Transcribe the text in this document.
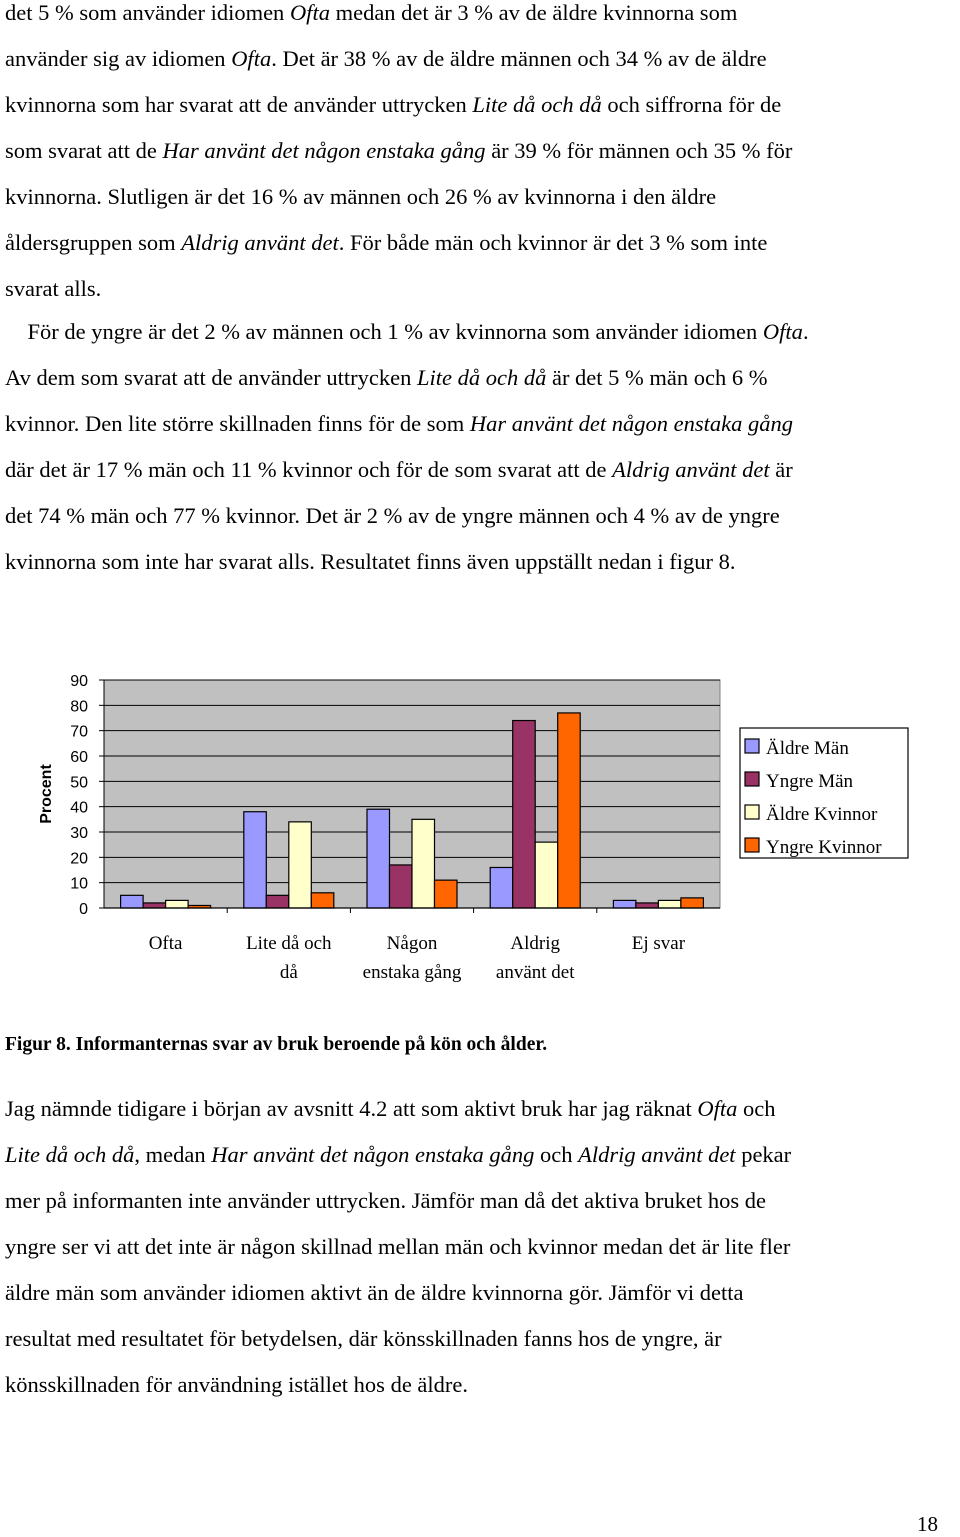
det 5 % som använder idiomen Ofta medan det är 3 % av de äldre kvinnorna som
använder sig av idiomen Ofta. Det är 38 % av de äldre männen och 34 % av de äldre
kvinnorna som har svarat att de använder uttrycken Lite då och då och siffrorna för de
som svarat att de Har använt det någon enstaka gång är 39 % för männen och 35 % för
kvinnorna. Slutligen är det 16 % av männen och 26 % av kvinnorna i den äldre
åldersgruppen som Aldrig använt det. För både män och kvinnor är det 3 % som inte
svarat alls.
För de yngre är det 2 % av männen och 1 % av kvinnorna som använder idiomen Ofta.
Av dem som svarat att de använder uttrycken Lite då och då är det 5 % män och 6 %
kvinnor. Den lite större skillnaden finns för de som Har använt det någon enstaka gång
där det är 17 % män och 11 % kvinnor och för de som svarat att de Aldrig använt det är
det 74 % män och 77 % kvinnor. Det är 2 % av de yngre männen och 4 % av de yngre
kvinnorna som inte har svarat alls. Resultatet finns även uppställt nedan i figur 8.
0
10
20
30
40
50
60
70
80
90
Procent
Ofta	Lite då och
då
Någon
enstaka gång
Aldrig
använt det
Ej svar
Äldre Män
Yngre Män
Äldre Kvinnor
Yngre Kvinnor
Figur 8. Informanternas svar av bruk beroende på kön och ålder.
Jag nämnde tidigare i början av avsnitt 4.2 att som aktivt bruk har jag räknat Ofta och
Lite då och då, medan Har använt det någon enstaka gång och Aldrig använt det pekar
mer på informanten inte använder uttrycken. Jämför man då det aktiva bruket hos de
yngre ser vi att det inte är någon skillnad mellan män och kvinnor medan det är lite fler
äldre män som använder idiomen aktivt än de äldre kvinnorna gör. Jämför vi detta
resultat med resultatet för betydelsen, där könsskillnaden fanns hos de yngre, är
könsskillnaden för användning istället hos de äldre.
18
